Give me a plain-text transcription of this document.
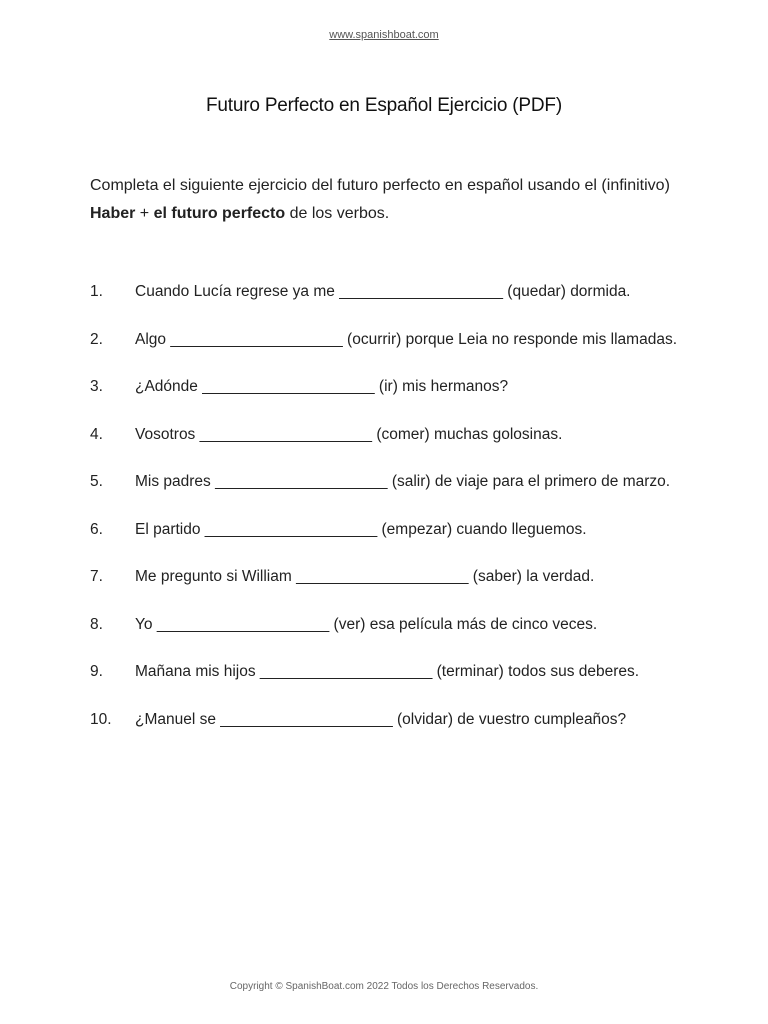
www.spanishboat.com
Futuro Perfecto en Español Ejercicio (PDF)

Completa el siguiente ejercicio del futuro perfecto en español usando el (infinitivo) Haber + el futuro perfecto de los verbos.

1.	Cuando Lucía regrese ya me ___________________ (quedar) dormida.
2.	Algo ____________________ (ocurrir) porque Leia no responde mis llamadas.
3.	¿Adónde ____________________ (ir) mis hermanos?
4.	Vosotros ____________________ (comer) muchas golosinas.
5.	Mis padres ____________________ (salir) de viaje para el primero de marzo.
6.	El partido ____________________ (empezar) cuando lleguemos.
7.	Me pregunto si William ____________________ (saber) la verdad.
8.	Yo ____________________ (ver) esa película más de cinco veces.
9.	Mañana mis hijos ____________________ (terminar) todos sus deberes.
10.	¿Manuel se ____________________ (olvidar) de vuestro cumpleaños?
Copyright © SpanishBoat.com 2022 Todos los Derechos Reservados.
